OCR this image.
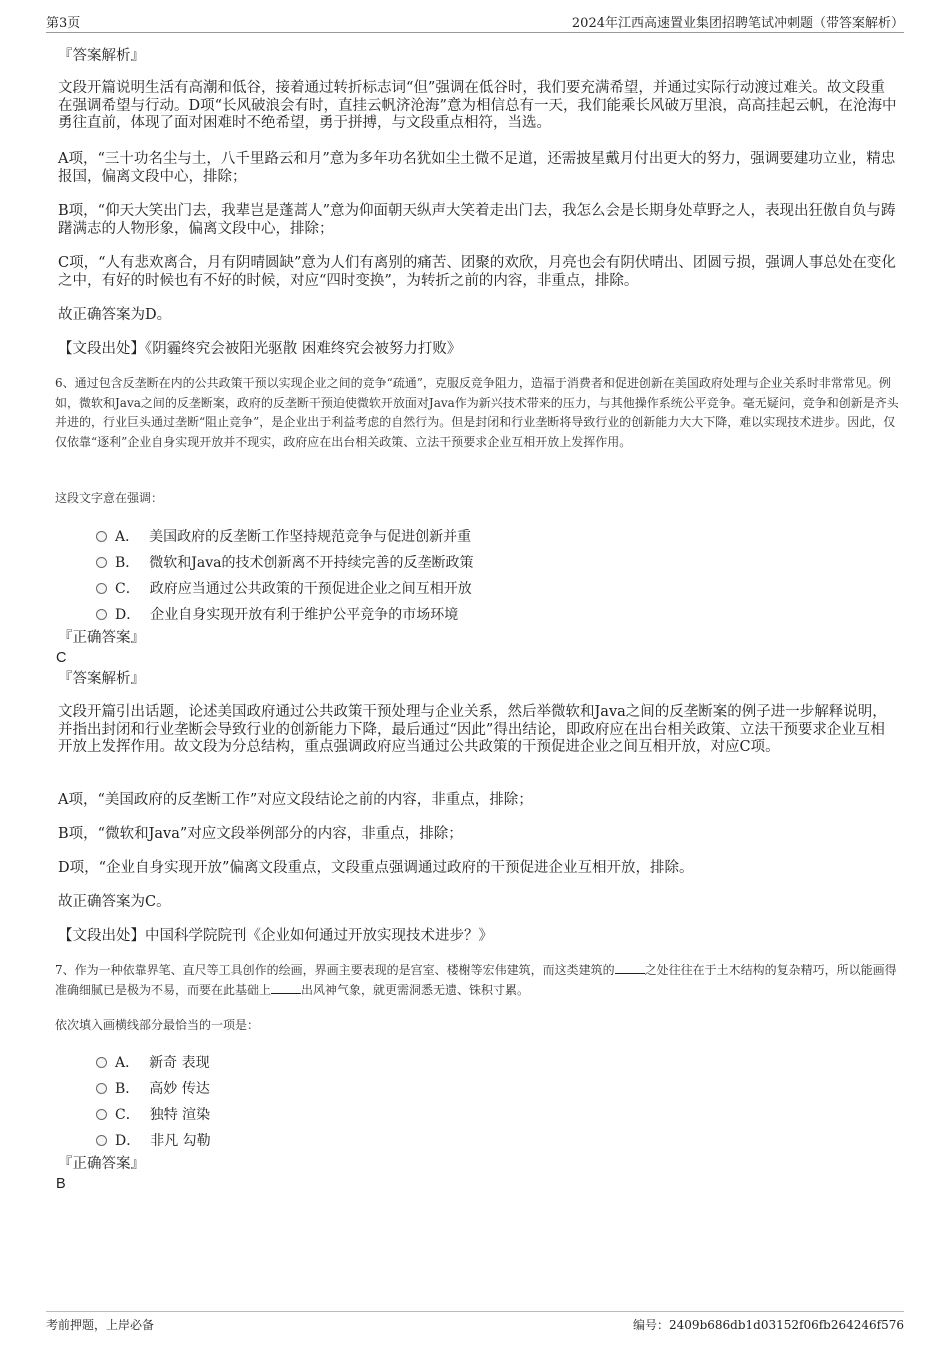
第3页	2024年江西高速置业集团招聘笔试冲刺题（带答案解析）
『答案解析』
文段开篇说明生活有高潮和低谷，接着通过转折标志词“但”强调在低谷时，我们要充满希望，并通过实际行动渡过难关。故文段重在强调希望与行动。D项“长风破浪会有时，直挂云帆济沧海”意为相信总有一天，我们能乘长风破万里浪，高高挂起云帆，在沧海中勇往直前，体现了面对困难时不绝希望，勇于拼搏，与文段重点相符，当选。
A项，“三十功名尘与土，八千里路云和月”意为多年功名犹如尘土微不足道，还需披星戴月付出更大的努力，强调要建功立业，精忠报国，偏离文段中心，排除；
B项，“仰天大笑出门去，我辈岂是蓬蒿人”意为仰面朝天纵声大笑着走出门去，我怎么会是长期身处草野之人，表现出狂傲自负与踌躇满志的人物形象，偏离文段中心，排除；
C项，“人有悲欢离合，月有阴晴圆缺”意为人们有离别的痛苦、团聚的欢欣，月亮也会有阴伏晴出、团圆亏损，强调人事总处在变化之中，有好的时候也有不好的时候，对应“四时变换”，为转折之前的内容，非重点，排除。
故正确答案为D。
【文段出处】《阴霾终究会被阳光驱散 困难终究会被努力打败》
6、通过包含反垄断在内的公共政策干预以实现企业之间的竞争“疏通”，克服反竞争阻力，造福于消费者和促进创新在美国政府处理与企业关系时非常常见。例如，微软和Java之间的反垄断案，政府的反垄断干预迫使微软开放面对Java作为新兴技术带来的压力，与其他操作系统公平竞争。毫无疑问，竞争和创新是齐头并进的，行业巨头通过垄断“阻止竞争”，是企业出于利益考虑的自然行为。但是封闭和行业垄断将导致行业的创新能力大大下降，难以实现技术进步。因此，仅仅依靠“逐利”企业自身实现开放并不现实，政府应在出台相关政策、立法干预要求企业互相开放上发挥作用。
这段文字意在强调：
A． 美国政府的反垄断工作坚持规范竞争与促进创新并重
B． 微软和Java的技术创新离不开持续完善的反垄断政策
C． 政府应当通过公共政策的干预促进企业之间互相开放
D． 企业自身实现开放有利于维护公平竞争的市场环境
『正确答案』
C
『答案解析』
文段开篇引出话题，论述美国政府通过公共政策干预处理与企业关系，然后举微软和Java之间的反垄断案的例子进一步解释说明，并指出封闭和行业垄断会导致行业的创新能力下降，最后通过“因此”得出结论，即政府应在出台相关政策、立法干预要求企业互相开放上发挥作用。故文段为分总结构，重点强调政府应当通过公共政策的干预促进企业之间互相开放，对应C项。
A项，“美国政府的反垄断工作”对应文段结论之前的内容，非重点，排除；
B项，“微软和Java”对应文段举例部分的内容，非重点，排除；
D项，“企业自身实现开放”偏离文段重点，文段重点强调通过政府的干预促进企业互相开放，排除。
故正确答案为C。
【文段出处】中国科学院院刊《企业如何通过开放实现技术进步？》
7、作为一种依靠界笔、直尺等工具创作的绘画，界画主要表现的是宫室、楼榭等宏伟建筑，而这类建筑的	之处往往在于土木结构的复杂精巧，所以能画得准确细腻已是极为不易，而要在此基础上	出风神气象，就更需洞悉无遗、铢积寸累。
依次填入画横线部分最恰当的一项是：
A． 新奇 表现
B． 高妙 传达
C． 独特 渲染
D． 非凡 勾勒
『正确答案』
B
考前押题，上岸必备	编号：2409b686db1d03152f06fb264246f576
